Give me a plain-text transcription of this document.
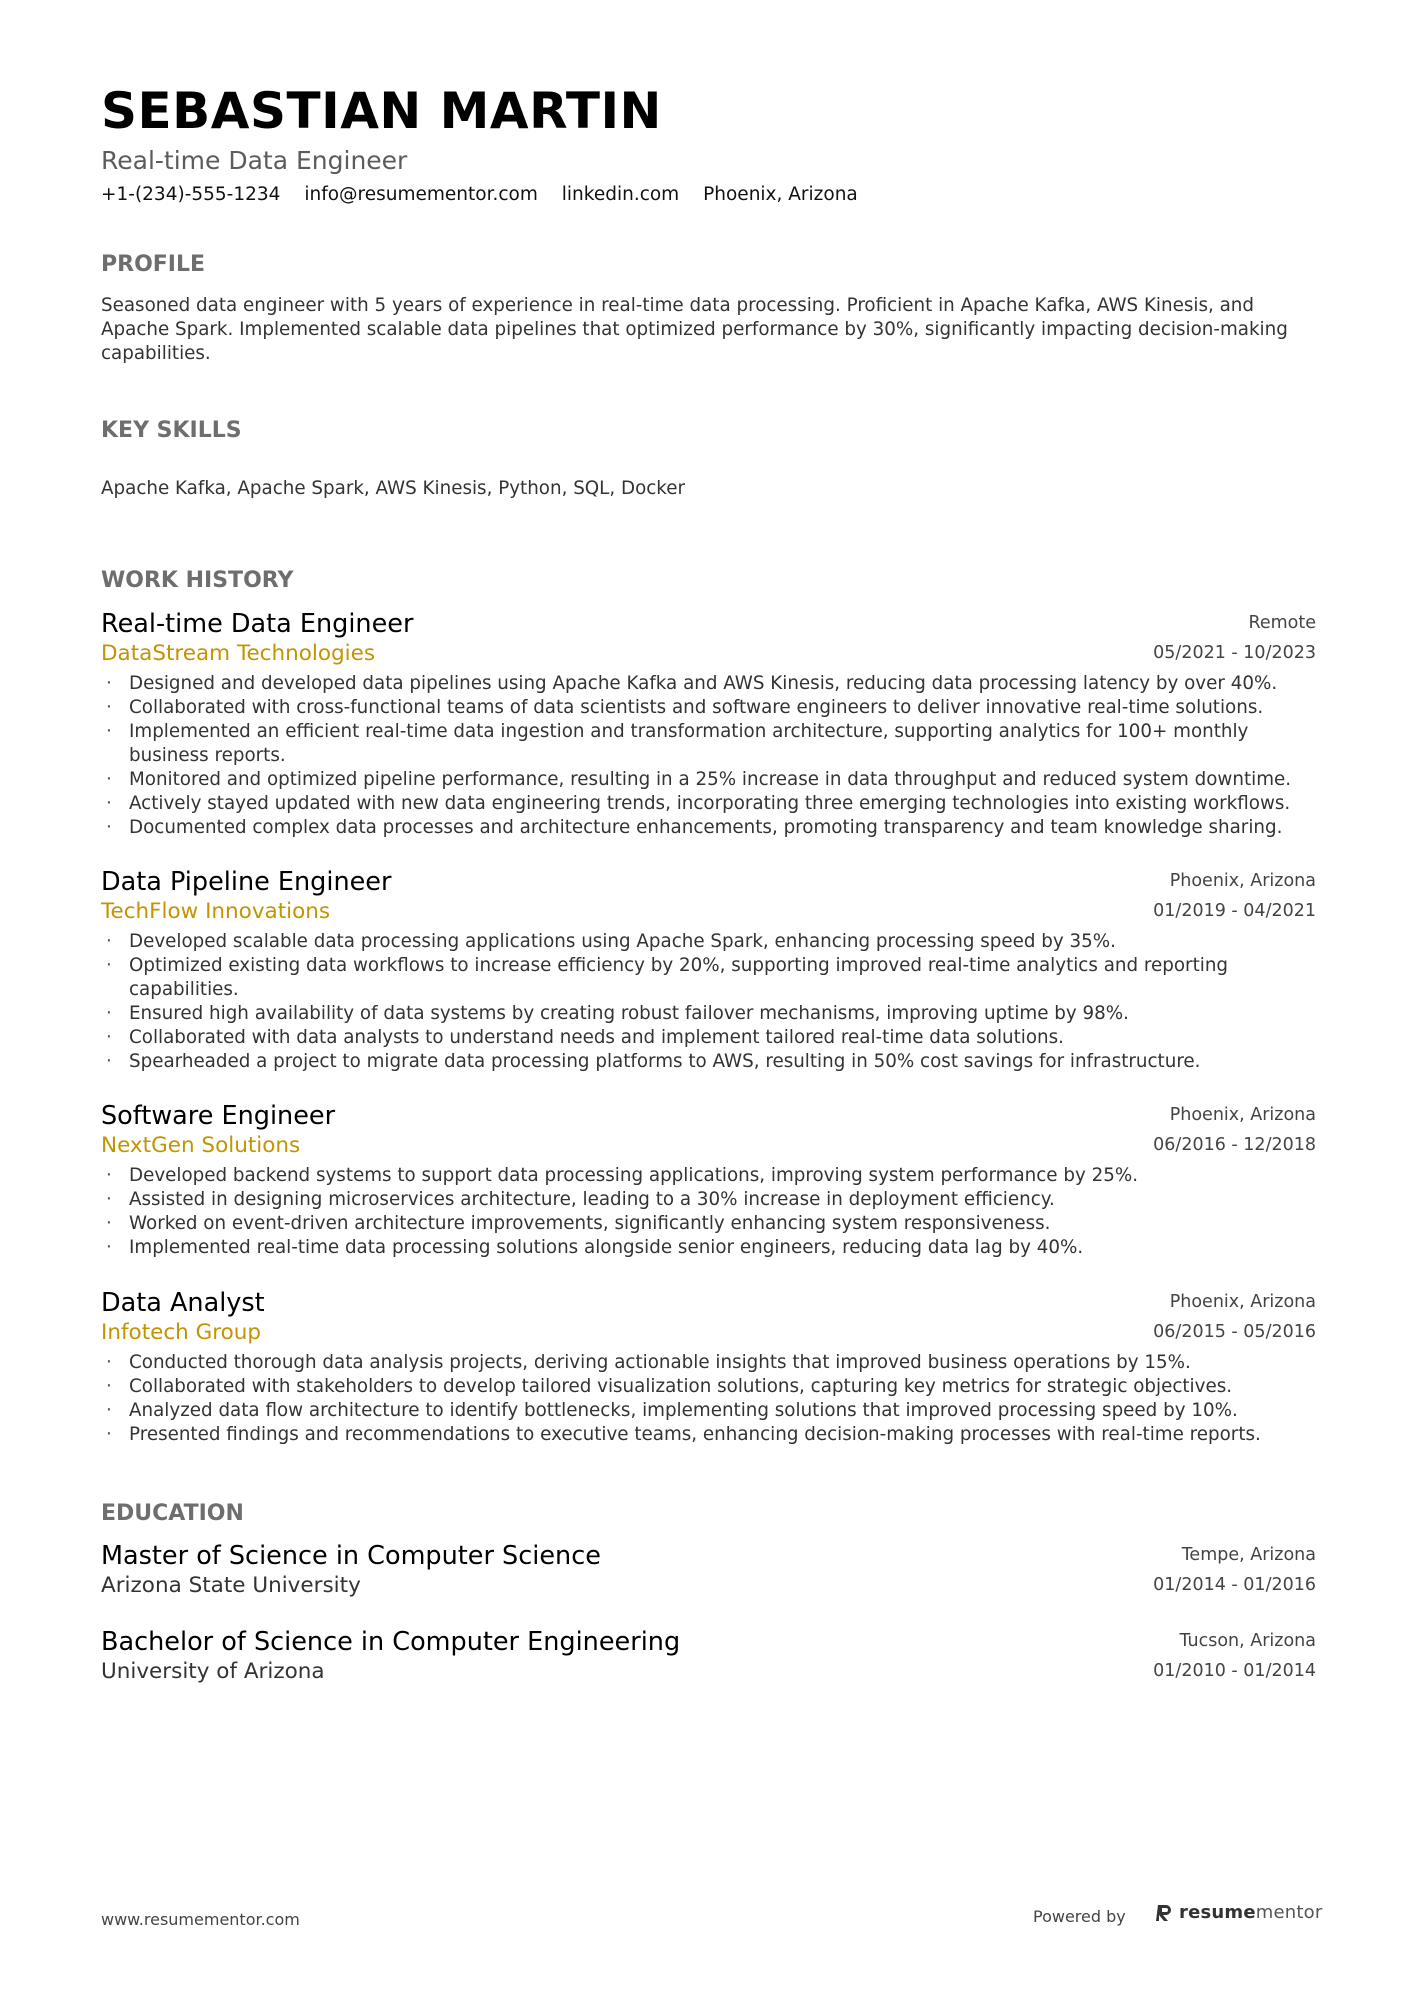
SEBASTIAN MARTIN
Real-time Data Engineer
+1-(234)-555-1234 info@resumementor.com linkedin.com Phoenix, Arizona
PROFILE
Seasoned data engineer with 5 years of experience in real-time data processing. Proficient in Apache Kafka, AWS Kinesis, and Apache Spark. Implemented scalable data pipelines that optimized performance by 30%, significantly impacting decision-making capabilities.
KEY SKILLS
Apache Kafka, Apache Spark, AWS Kinesis, Python, SQL, Docker
WORK HISTORY
Real-time Data Engineer
DataStream Technologies
Remote
05/2021 - 10/2023
· Designed and developed data pipelines using Apache Kafka and AWS Kinesis, reducing data processing latency by over 40%.
· Collaborated with cross-functional teams of data scientists and software engineers to deliver innovative real-time solutions.
· Implemented an efficient real-time data ingestion and transformation architecture, supporting analytics for 100+ monthly business reports.
· Monitored and optimized pipeline performance, resulting in a 25% increase in data throughput and reduced system downtime.
· Actively stayed updated with new data engineering trends, incorporating three emerging technologies into existing workflows.
· Documented complex data processes and architecture enhancements, promoting transparency and team knowledge sharing.
Data Pipeline Engineer
TechFlow Innovations
Phoenix, Arizona
01/2019 - 04/2021
· Developed scalable data processing applications using Apache Spark, enhancing processing speed by 35%.
· Optimized existing data workflows to increase efficiency by 20%, supporting improved real-time analytics and reporting capabilities.
· Ensured high availability of data systems by creating robust failover mechanisms, improving uptime by 98%.
· Collaborated with data analysts to understand needs and implement tailored real-time data solutions.
· Spearheaded a project to migrate data processing platforms to AWS, resulting in 50% cost savings for infrastructure.
Software Engineer
NextGen Solutions
Phoenix, Arizona
06/2016 - 12/2018
· Developed backend systems to support data processing applications, improving system performance by 25%.
· Assisted in designing microservices architecture, leading to a 30% increase in deployment efficiency.
· Worked on event-driven architecture improvements, significantly enhancing system responsiveness.
· Implemented real-time data processing solutions alongside senior engineers, reducing data lag by 40%.
Data Analyst
Infotech Group
Phoenix, Arizona
06/2015 - 05/2016
· Conducted thorough data analysis projects, deriving actionable insights that improved business operations by 15%.
· Collaborated with stakeholders to develop tailored visualization solutions, capturing key metrics for strategic objectives.
· Analyzed data flow architecture to identify bottlenecks, implementing solutions that improved processing speed by 10%.
· Presented findings and recommendations to executive teams, enhancing decision-making processes with real-time reports.
EDUCATION
Master of Science in Computer Science
Arizona State University
Tempe, Arizona
01/2014 - 01/2016
Bachelor of Science in Computer Engineering
University of Arizona
Tucson, Arizona
01/2010 - 01/2014
www.resumementor.com	Powered by	resumementor
